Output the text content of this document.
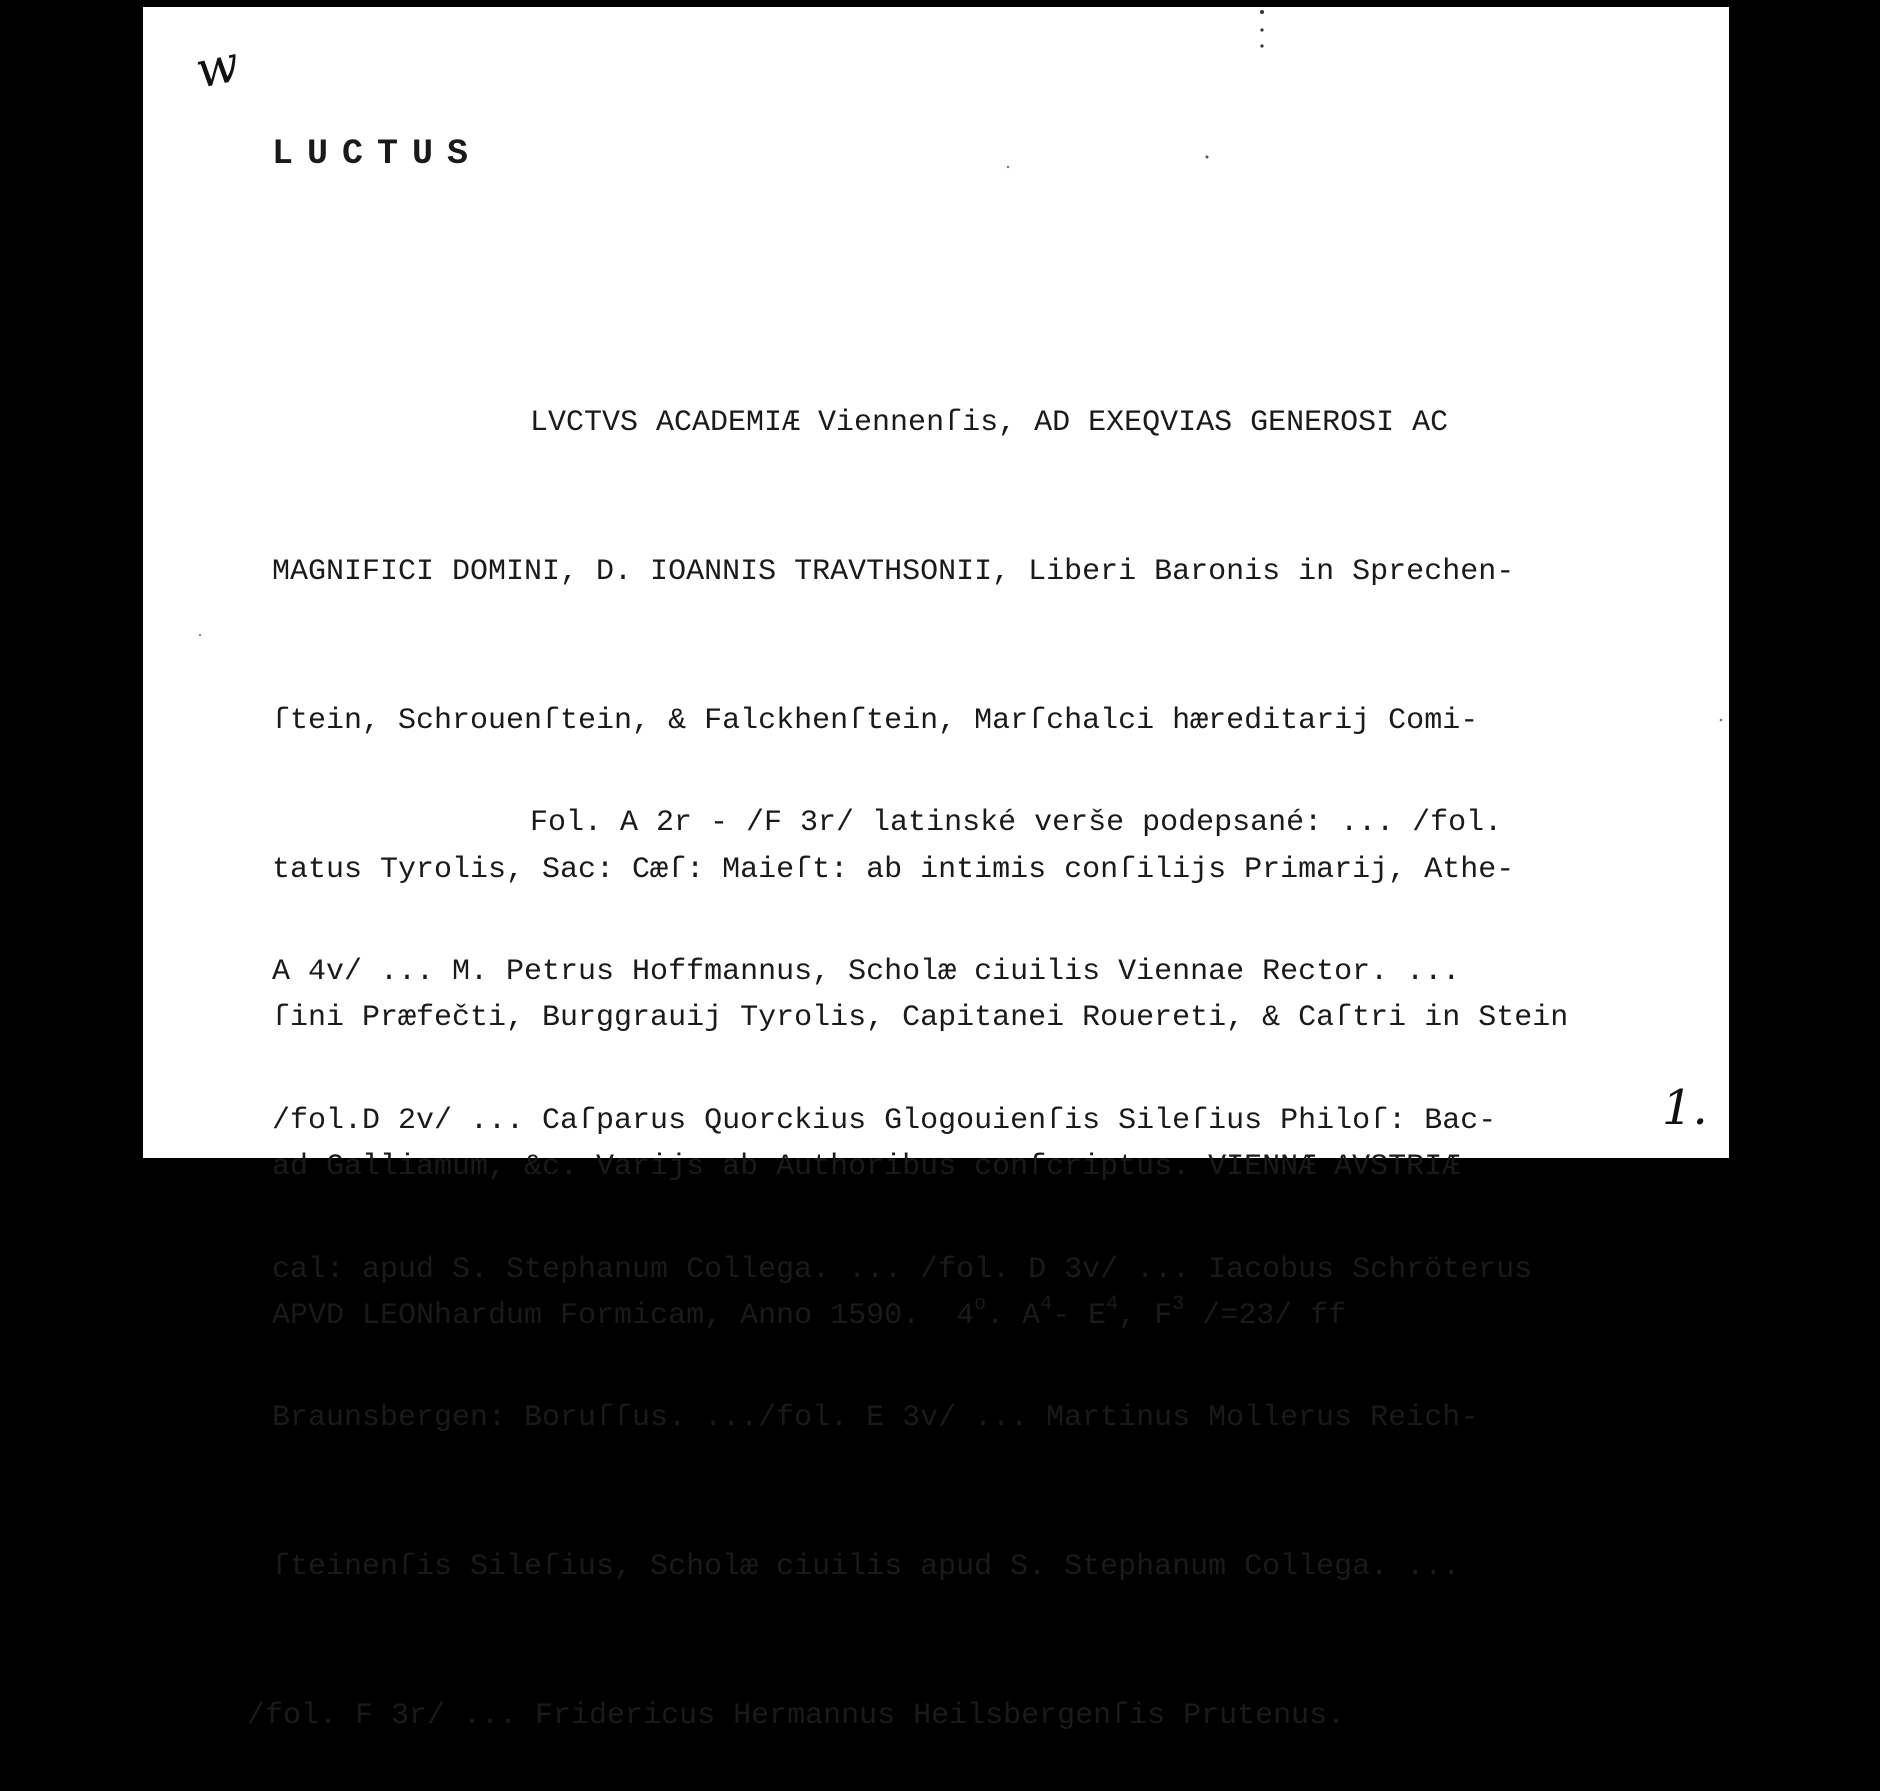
w
1.
LUCTUS

LVCTVS ACADEMIÆ Viennenſis, AD EXEQVIAS GENEROSI AC

MAGNIFICI DOMINI, D. IOANNIS TRAVTHSONII, Liberi Baronis in Sprechen-

ſtein, Schrouenſtein, & Falckhenſtein, Marſchalci hæreditarij Comi-

tatus Tyrolis, Sac: Cæſ: Maieſt: ab intimis conſilijs Primarij, Athe-

ſini Præfečti, Burggrauij Tyrolis, Capitanei Rouereti, & Caſtri in Stein

ad Galliamum, &c. Varijs ab Authoribus conſcriptus. VIENNÆ AVSTRIÆ

APVD LEONhardum Formicam, Anno 1590.  4$^o$. $A^4-$ $E^4$, $F^3$ /=23/ ff

Fol. A 2r - /F 3r/ latinské verše podepsané: ... /fol.

A 4v/ ... M. Petrus Hoffmannus, Scholæ ciuilis Viennae Rector. ...

/fol.D 2v/ ... Caſparus Quorckius Glogouienſis Sileſius Philoſ: Bac-

cal: apud S. Stephanum Collega. ... /fol. D 3v/ ... Iacobus Schröterus

Braunsbergen: Boruſſus. .../fol. E 3v/ ... Martinus Mollerus Reich-

ſteinenſis Sileſius, Scholæ ciuilis apud S. Stephanum Collega. ...

/fol. F 3r/ ... Fridericus Hermannus Heilsbergenſis Prutenus.
